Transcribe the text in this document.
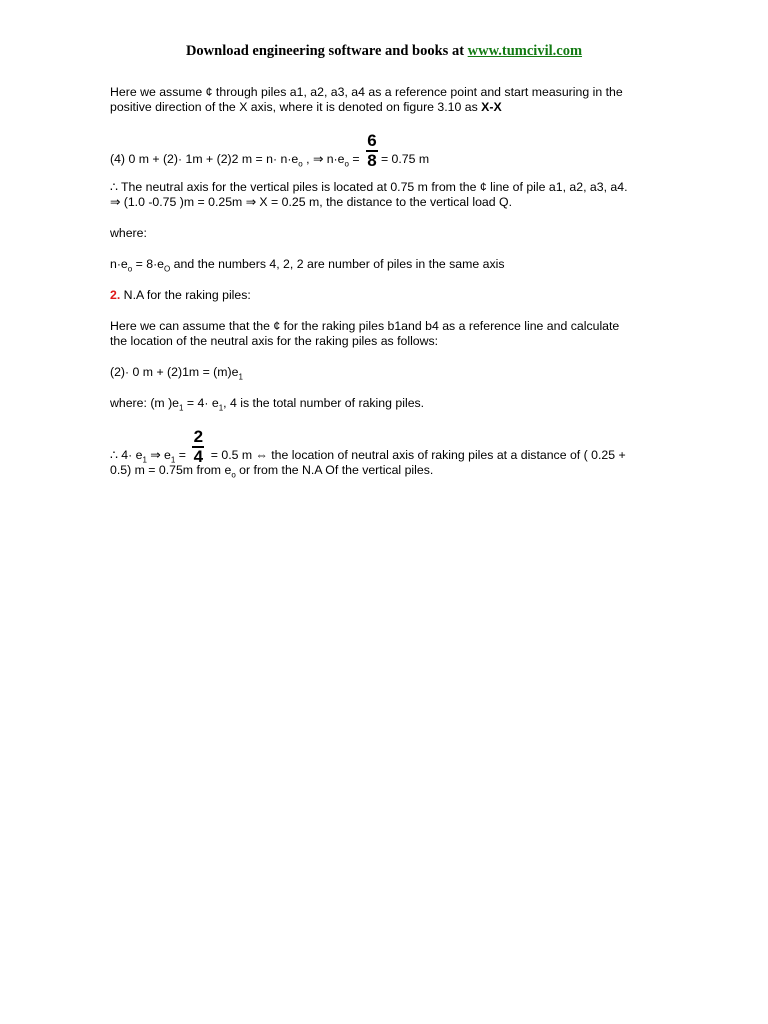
Download engineering software and books at www.tumcivil.com

Here we assume ¢ through piles a1, a2, a3, a4 as a reference point and start measuring in the
positive direction of the X axis, where it is denoted on figure 3.10 as X-X

(4) 0 m + (2)· 1m + (2)2 $m = n\cdot n\cdot e_o$ , ⇒ $n\cdot e_o = \frac{6}{8} = 0.75$ m

∴ The neutral axis for the vertical piles is located at 0.75 m from the ¢ line of pile a1, a2, a3, a4.
⇒ (1.0 -0.75 )m = 0.25m ⇒ X = 0.25 m, the distance to the vertical load Q.

where:

$n\cdot e_o = 8\cdot e_O$ and the numbers 4, 2, 2 are number of piles in the same axis

2. N.A for the raking piles:

Here we can assume that the ¢ for the raking piles b1and b4 as a reference line and calculate
the location of the neutral axis for the raking piles as follows:

(2)· 0 $m + (2)1m = (m)e_1$

where: (m )$e_1 = 4\cdot e_1$, 4 is the total number of raking piles.

∴ $4\cdot e_1$ ⇒ $e_1 = \frac{2}{4} = 0.5$ m ⇔ the location of neutral axis of raking piles at a distance of ( 0.25 +

0.5) m = 0.75m from $e_o$ or from the N.A Of the vertical piles.
